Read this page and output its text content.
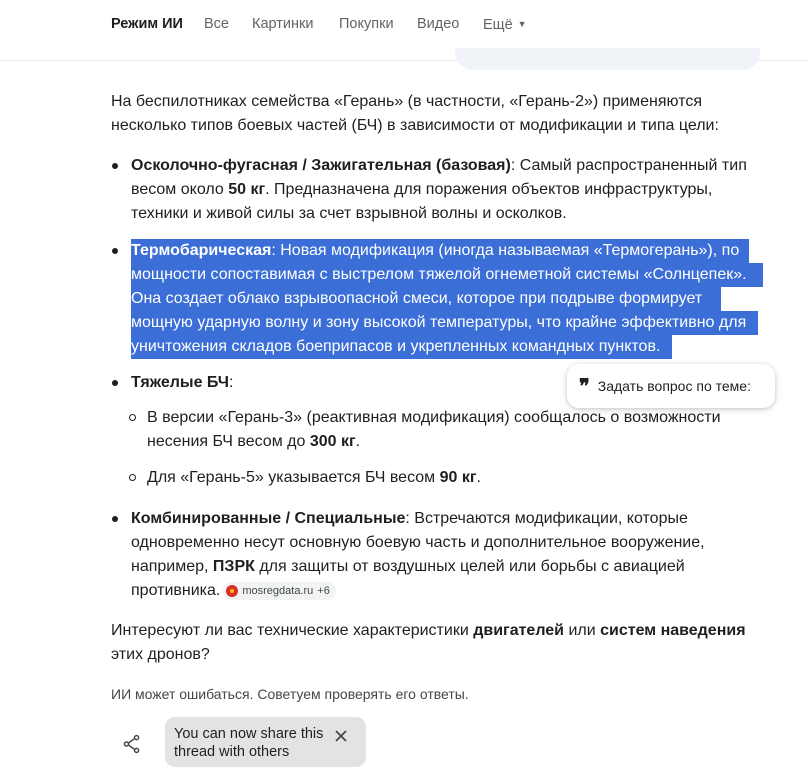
Режим ИИ Все Картинки Покупки Видео Ещё ▼
На беспилотниках семейства «Герань» (в частности, «Герань-2») применяются
несколько типов боевых частей (БЧ) в зависимости от модификации и типа цели:
Осколочно-фугасная / Зажигательная (базовая): Самый распространенный тип
весом около 50 кг. Предназначена для поражения объектов инфраструктуры,
техники и живой силы за счет взрывной волны и осколков.
Термобарическая: Новая модификация (иногда называемая «Термогерань»), по
мощности сопоставимая с выстрелом тяжелой огнеметной системы «Солнцепек».
Она создает облако взрывоопасной смеси, которое при подрыве формирует
мощную ударную волну и зону высокой температуры, что крайне эффективно для
уничтожения складов боеприпасов и укрепленных командных пунктов.
Тяжелые БЧ:
В версии «Герань-3» (реактивная модификация) сообщалось о возможности
несения БЧ весом до 300 кг.
Для «Герань-5» указывается БЧ весом 90 кг.
Комбинированные / Специальные: Встречаются модификации, которые
одновременно несут основную боевую часть и дополнительное вооружение,
например, ПЗРК для защиты от воздушных целей или борьбы с авиацией
противника. mosregdata.ru +6
Интересуют ли вас технические характеристики двигателей или систем наведения
этих дронов?
ИИ может ошибаться. Советуем проверять его ответы.
❞ Задать вопрос по теме:
You can now share this
thread with others
